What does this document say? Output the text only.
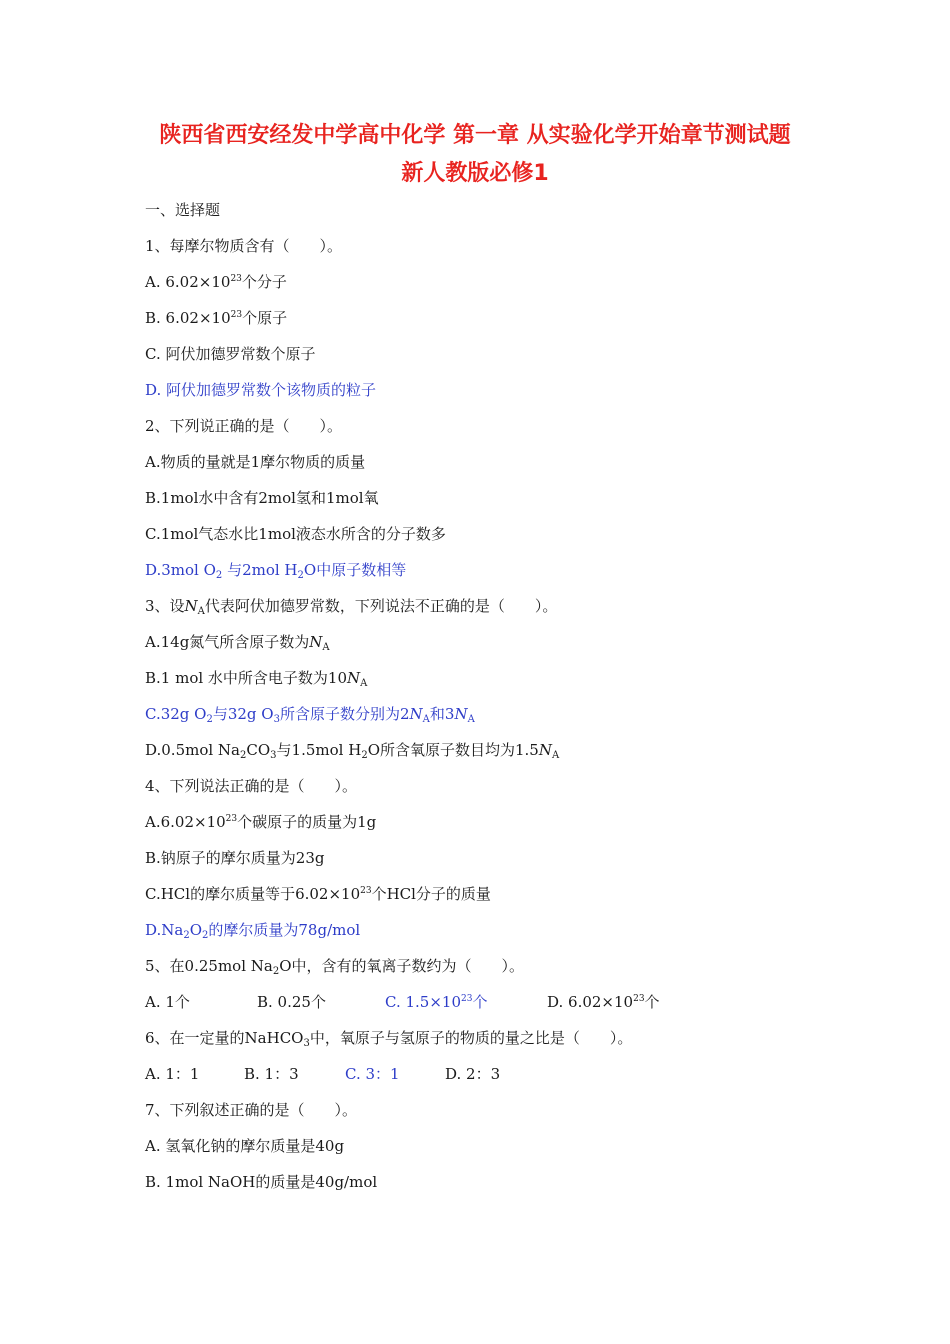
陕西省西安经发中学高中化学 第一章 从实验化学开始章节测试题
新人教版必修1
一、选择题
1、每摩尔物质含有（　　）。
A. $6.02\times 10^{23}$个分子
B. $6.02\times 10^{23}$个原子
C. 阿伏加德罗常数个原子
D. 阿伏加德罗常数个该物质的粒子
2、下列说正确的是（　　）。
A.物质的量就是1摩尔物质的质量
B.1mol水中含有2mol氢和1mol氧
C.1mol气态水比1mol液态水所含的分子数多
D.3mol $O_2$ 与2mol $H_2O$中原子数相等
3、设$N_A$代表阿伏加德罗常数，下列说法不正确的是（　　）。
A.14g氮气所含原子数为$N_A$
B.1 mol 水中所含电子数为$10N_A$
C.32g $O_2$与32g $O_3$所含原子数分别为$2N_A$和$3N_A$
D.0.5mol $Na_2CO_3$与1.5mol $H_2O$所含氧原子数目均为$1.5N_A$
4、下列说法正确的是（　　）。
$A.6.02\times 10^{23}$个碳原子的质量为1g
B.钠原子的摩尔质量为23g
C.HCl的摩尔质量等于$6.02\times 10^{23}$个HCl分子的质量
$D.Na_2O_2$的摩尔质量为78g/mol
5、在0.25mol $Na_2O$中，含有的氧离子数约为（　　）。
A. 1个	B. 0.25个	C. $1.5\times 10^{23}$个	D. $6.02\times 10^{23}$个
6、在一定量的NaHCO$_3$中，氧原子与氢原子的物质的量之比是（　　）。
A. 1：1	B. 1：3	C. 3：1	D. 2：3
7、下列叙述正确的是（　　）。
A. 氢氧化钠的摩尔质量是40g
B. 1mol NaOH的质量是40g/mol
